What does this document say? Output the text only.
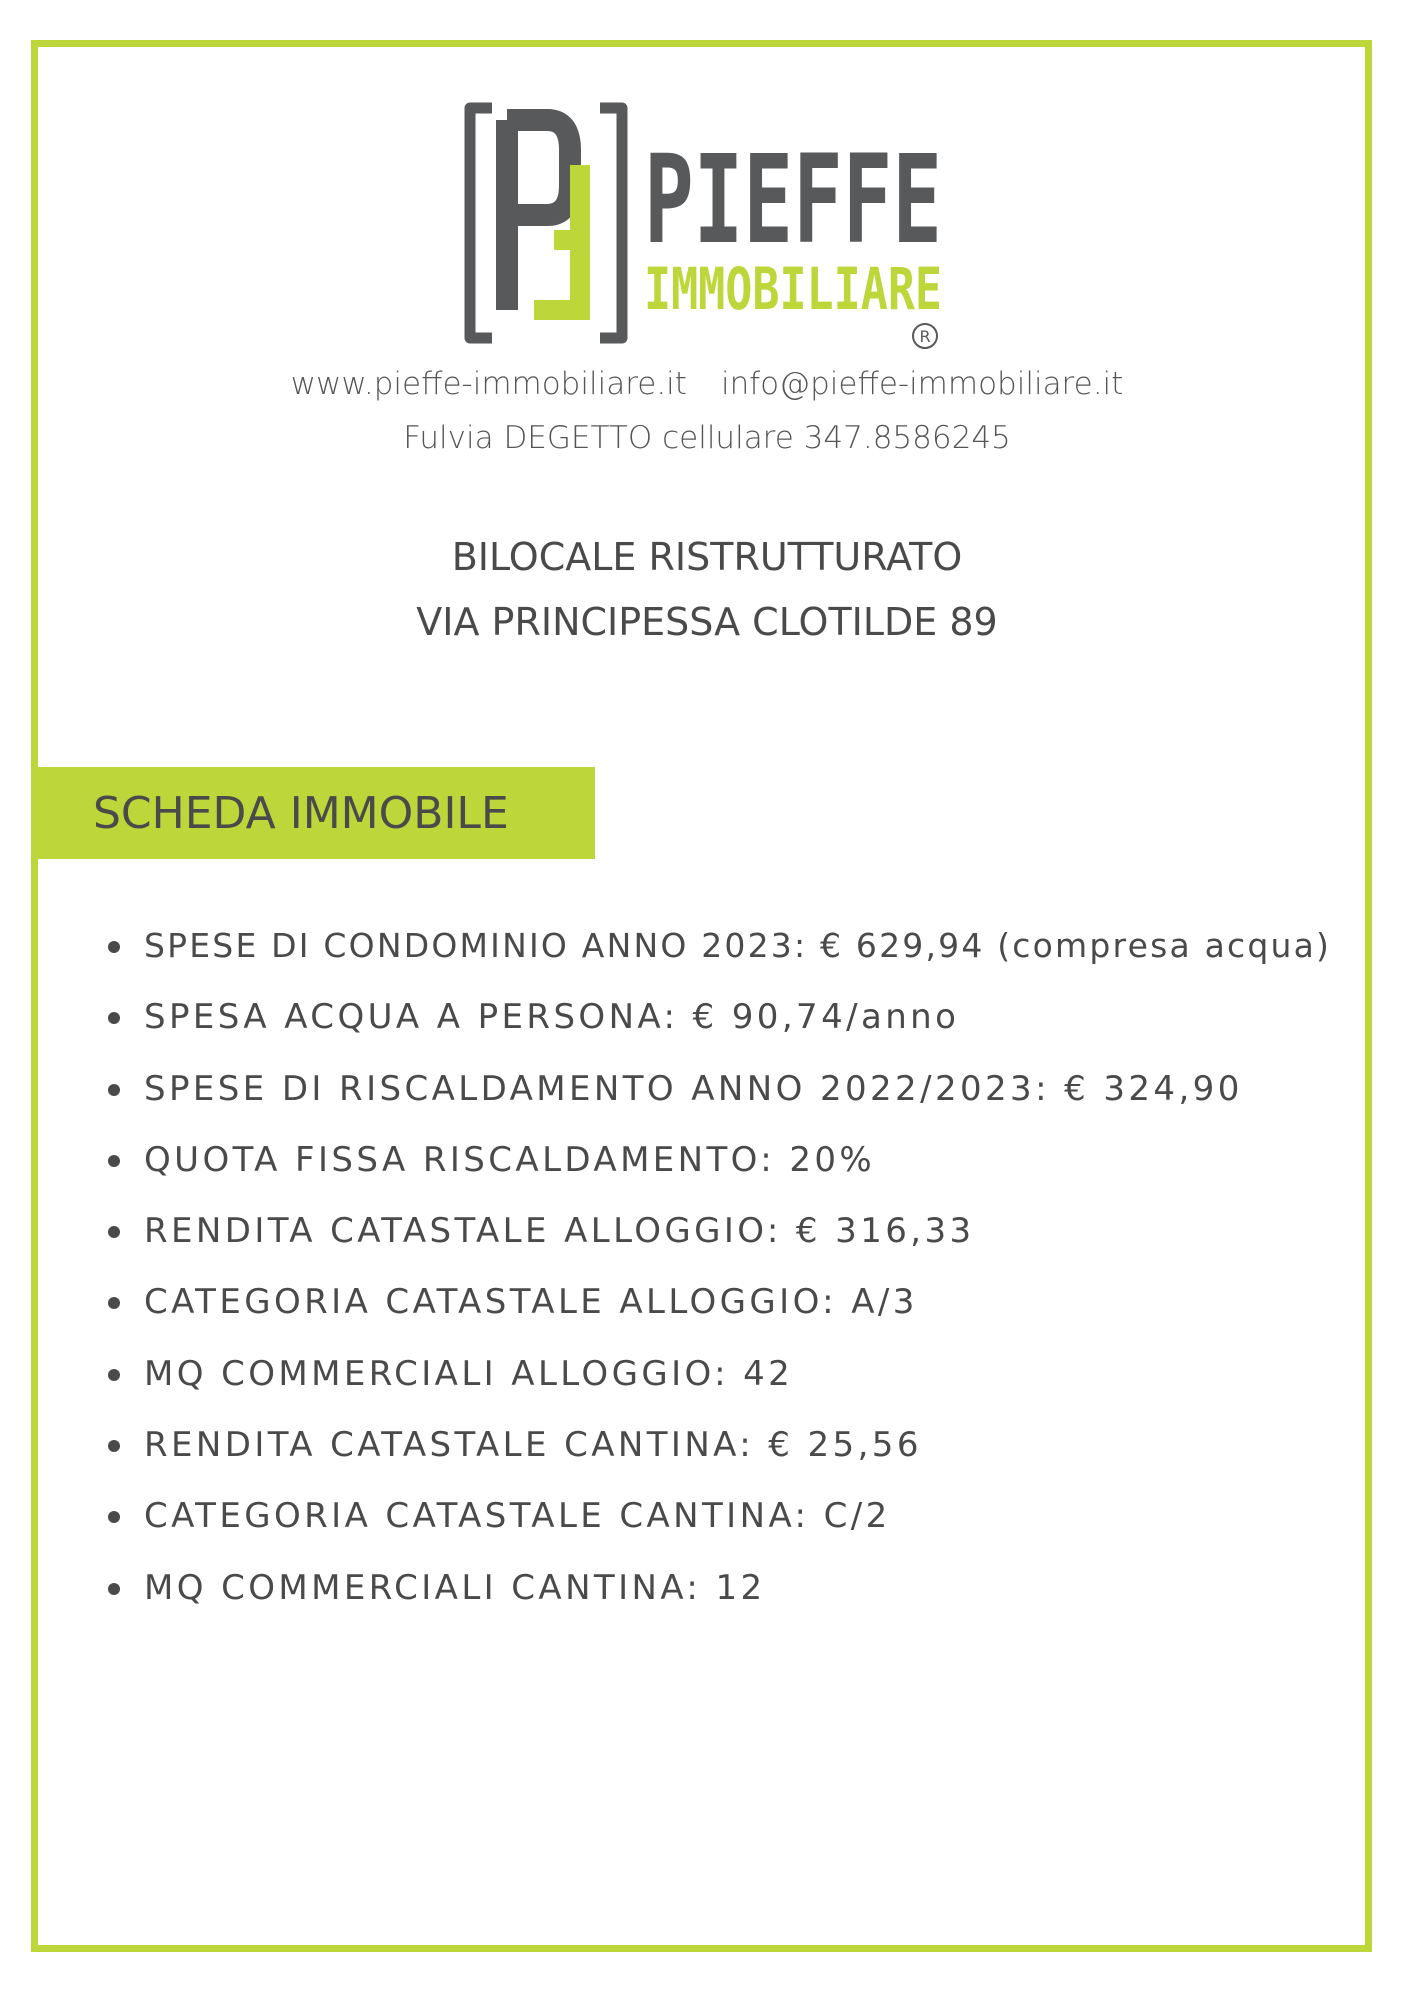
PIEFFE
IMMOBILIARE
R
www.pieffe-immobiliare.it info@pieffe-immobiliare.it
Fulvia DEGETTO cellulare 347.8586245
BILOCALE RISTRUTTURATO
VIA PRINCIPESSA CLOTILDE 89
SCHEDA IMMOBILE
SPESE DI CONDOMINIO ANNO 2023: € 629,94 (compresa acqua)
SPESA ACQUA A PERSONA: € 90,74/anno
SPESE DI RISCALDAMENTO ANNO 2022/2023: € 324,90
QUOTA FISSA RISCALDAMENTO: 20%
RENDITA CATASTALE ALLOGGIO: € 316,33
CATEGORIA CATASTALE ALLOGGIO: A/3
MQ COMMERCIALI ALLOGGIO: 42
RENDITA CATASTALE CANTINA: € 25,56
CATEGORIA CATASTALE CANTINA: C/2
MQ COMMERCIALI CANTINA: 12
